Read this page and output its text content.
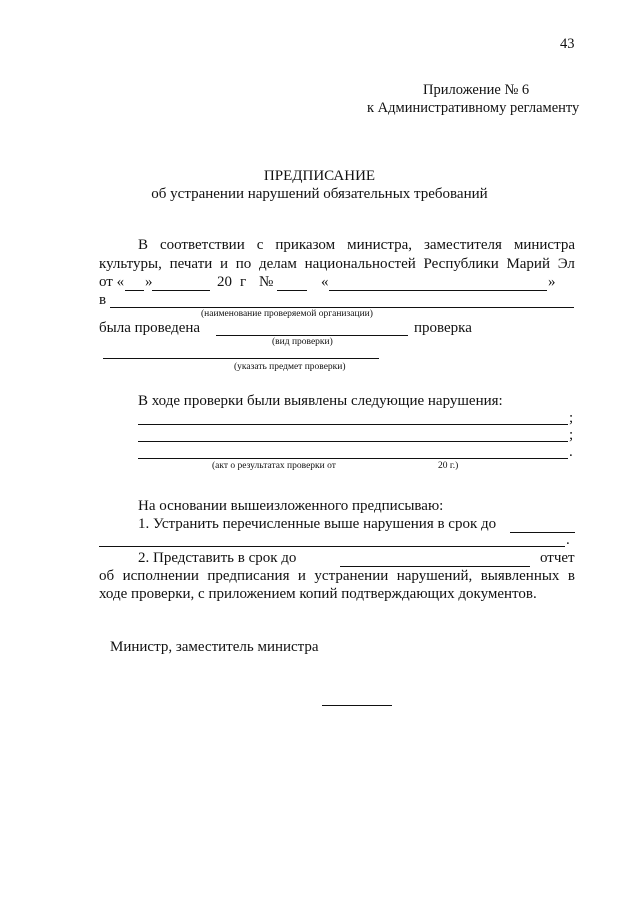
43
Приложение № 6
к Административному регламенту
ПРЕДПИСАНИЕ
об устранении нарушений обязательных требований
В соответствии с приказом министра, заместителя министра
культуры, печати и по делам национальностей Республики Марий Эл
от « »	20 г №	«	»
в
(наименование проверяемой организации)
была проведена	проверка
(вид проверки)
(указать предмет проверки)
В ходе проверки были выявлены следующие нарушения:
;
;
.
(акт о результатах проверки от	20 г.)
На основании вышеизложенного предписываю:
1. Устранить перечисленные выше нарушения в срок до
.
2. Представить в срок до	отчет
об исполнении предписания и устранении нарушений, выявленных в
ходе проверки, с приложением копий подтверждающих документов.
Министр, заместитель министра
